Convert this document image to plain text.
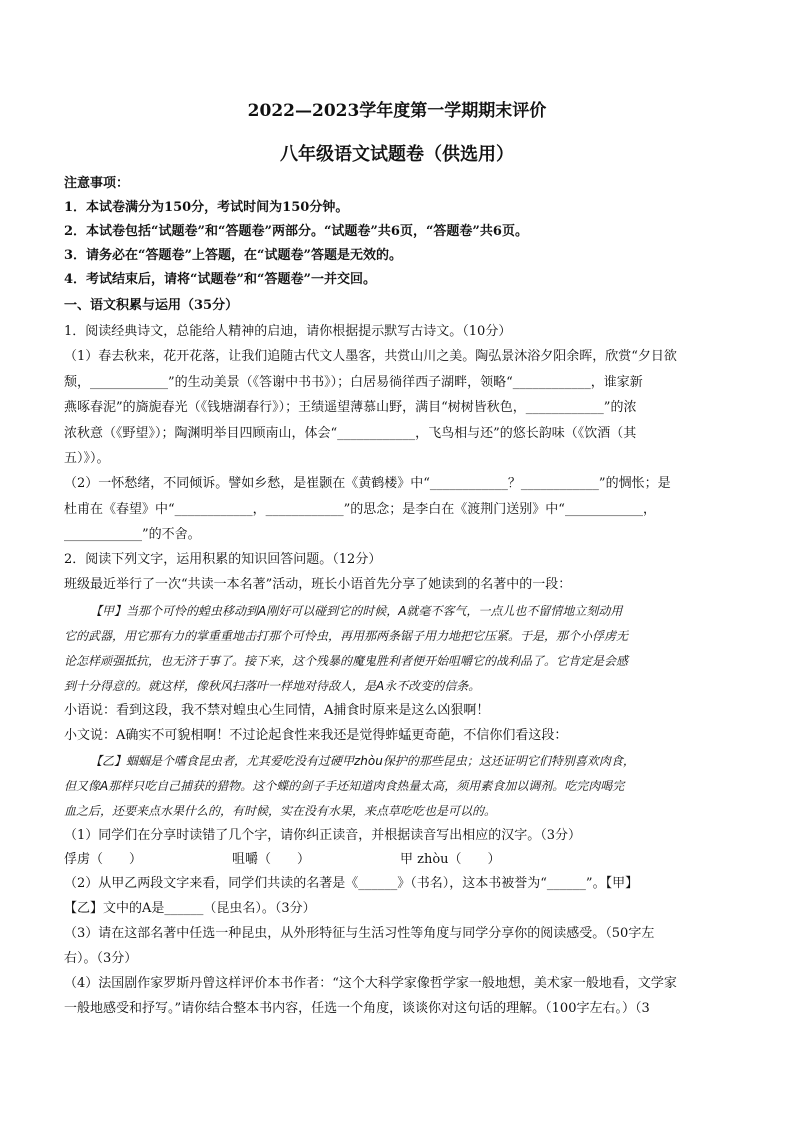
2022—2023学年度第一学期期末评价
八年级语文试题卷（供选用）
注意事项：
1．本试卷满分为150分，考试时间为150分钟。
2．本试卷包括“试题卷”和“答题卷”两部分。“试题卷”共6页，“答题卷”共6页。
3．请务必在“答题卷”上答题，在“试题卷”答题是无效的。
4．考试结束后，请将“试题卷”和“答题卷”一并交回。
一、语文积累与运用（35分）
1．阅读经典诗文，总能给人精神的启迪，请你根据提示默写古诗文。（10分）
（1）春去秋来，花开花落，让我们追随古代文人墨客，共赏山川之美。陶弘景沐浴夕阳余晖，欣赏“夕日欲
颓，____________”的生动美景（《答谢中书书》）；白居易徜徉西子湖畔，领略“____________，谁家新
燕啄春泥”的旖旎春光（《钱塘湖春行》）；王绩遥望薄慕山野，满目“树树皆秋色，____________”的浓
浓秋意（《野望》）；陶渊明举目四顾南山，体会“____________，飞鸟相与还”的悠长韵味（《饮酒（其
五）》）。
（2）一怀愁绪，不同倾诉。譬如乡愁，是崔颢在《黄鹤楼》中“____________？____________”的惆怅；是
杜甫在《春望》中“____________，____________”的思念；是李白在《渡荆门送别》中“____________，
____________”的不舍。
2．阅读下列文字，运用积累的知识回答问题。（12分）
班级最近举行了一次“共读一本名著”活动，班长小语首先分享了她读到的名著中的一段：
【甲】当那个可怜的蝗虫移动到A刚好可以碰到它的时候，A就毫不客气，一点儿也不留情地立刻动用
它的武器，用它那有力的掌重重地击打那个可怜虫，再用那两条锯子用力地把它压紧。于是，那个小俘虏无
论怎样顽强抵抗，也无济于事了。接下来，这个残暴的魔鬼胜利者便开始咀嚼它的战利品了。它肯定是会感
到十分得意的。就这样，像秋风扫落叶一样地对待敌人，是A永不改变的信条。
小语说：看到这段，我不禁对蝗虫心生同情，A捕食时原来是这么凶狠啊！
小文说：A确实不可貌相啊！不过论起食性来我还是觉得蚱蜢更奇葩，不信你们看这段：
【乙】蝈蝈是个嗜食昆虫者，尤其爱吃没有过硬甲zhòu保护的那些昆虫；这还证明它们特别喜欢肉食，
但又像A那样只吃自己捕获的猎物。这个蝶的剑子手还知道肉食热量太高，须用素食加以调剂。吃完肉喝完
血之后，还要来点水果什么的，有时候，实在没有水果，来点草吃吃也是可以的。
（1）同学们在分享时读错了几个字，请你纠正读音，并根据读音写出相应的汉字。（3分）
俘虏（　　）	咀嚼（　　）	甲 zhòu（　　）
（2）从甲乙两段文字来看，同学们共读的名著是《______》（书名），这本书被誉为“______”。【甲】
【乙】文中的A是______（昆虫名）。（3分）
（3）请在这部名著中任选一种昆虫，从外形特征与生活习性等角度与同学分享你的阅读感受。（50字左
右）。（3分）
（4）法国剧作家罗斯丹曾这样评价本书作者：“这个大科学家像哲学家一般地想，美术家一般地看，文学家
一般地感受和抒写。”请你结合整本书内容，任选一个角度，谈谈你对这句话的理解。（100字左右。）（3
